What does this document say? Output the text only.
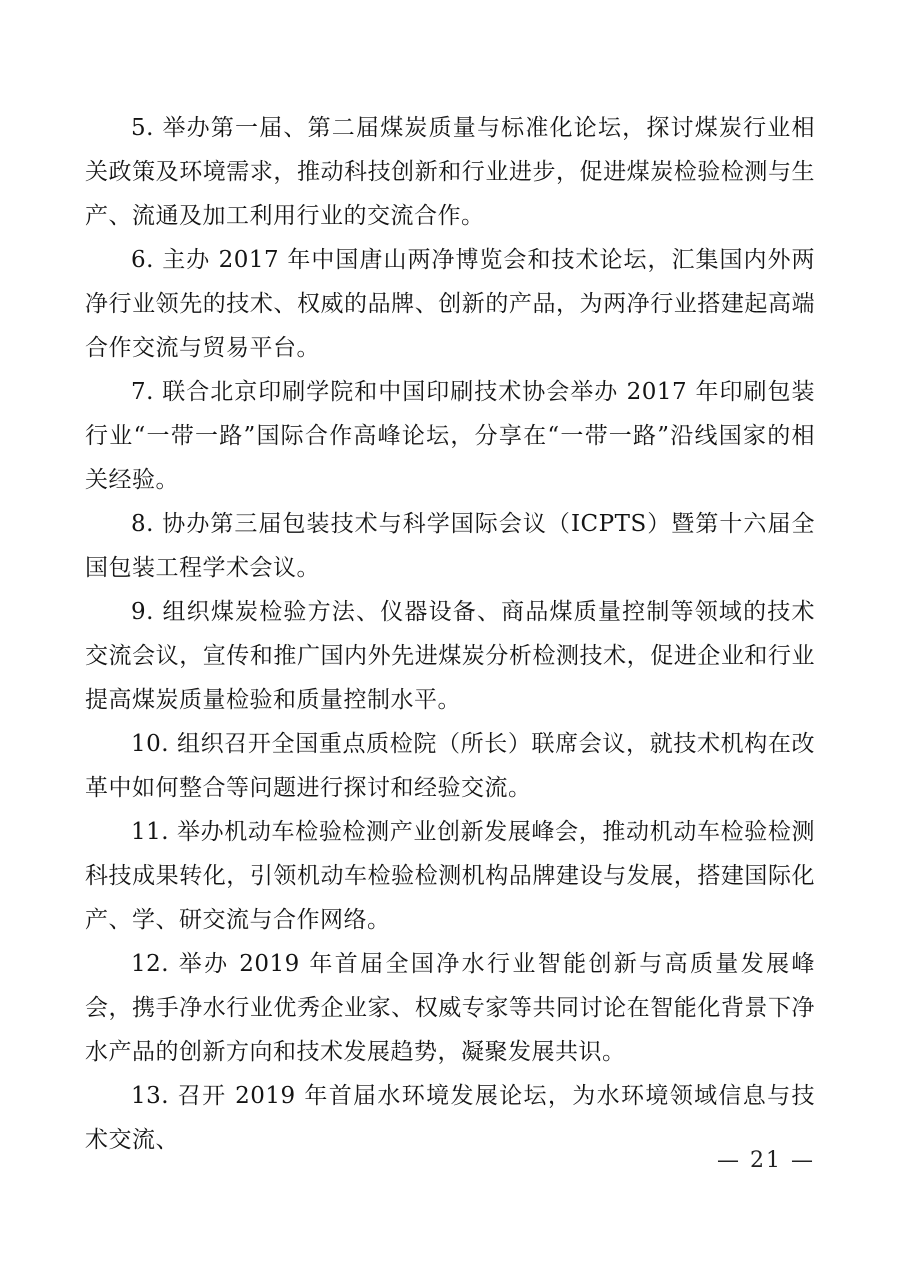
5. 举办第一届、第二届煤炭质量与标准化论坛，探讨煤炭行业相关政策及环境需求，推动科技创新和行业进步，促进煤炭检验检测与生产、流通及加工利用行业的交流合作。

6. 主办 2017 年中国唐山两净博览会和技术论坛，汇集国内外两净行业领先的技术、权威的品牌、创新的产品，为两净行业搭建起高端合作交流与贸易平台。

7. 联合北京印刷学院和中国印刷技术协会举办 2017 年印刷包装行业“一带一路”国际合作高峰论坛，分享在“一带一路”沿线国家的相关经验。

8. 协办第三届包装技术与科学国际会议（ICPTS）暨第十六届全国包装工程学术会议。

9. 组织煤炭检验方法、仪器设备、商品煤质量控制等领域的技术交流会议，宣传和推广国内外先进煤炭分析检测技术，促进企业和行业提高煤炭质量检验和质量控制水平。

10. 组织召开全国重点质检院（所长）联席会议，就技术机构在改革中如何整合等问题进行探讨和经验交流。

11. 举办机动车检验检测产业创新发展峰会，推动机动车检验检测科技成果转化，引领机动车检验检测机构品牌建设与发展，搭建国际化产、学、研交流与合作网络。

12. 举办 2019 年首届全国净水行业智能创新与高质量发展峰会，携手净水行业优秀企业家、权威专家等共同讨论在智能化背景下净水产品的创新方向和技术发展趋势，凝聚发展共识。

13. 召开 2019 年首届水环境发展论坛，为水环境领域信息与技术交流、

— 21 —
